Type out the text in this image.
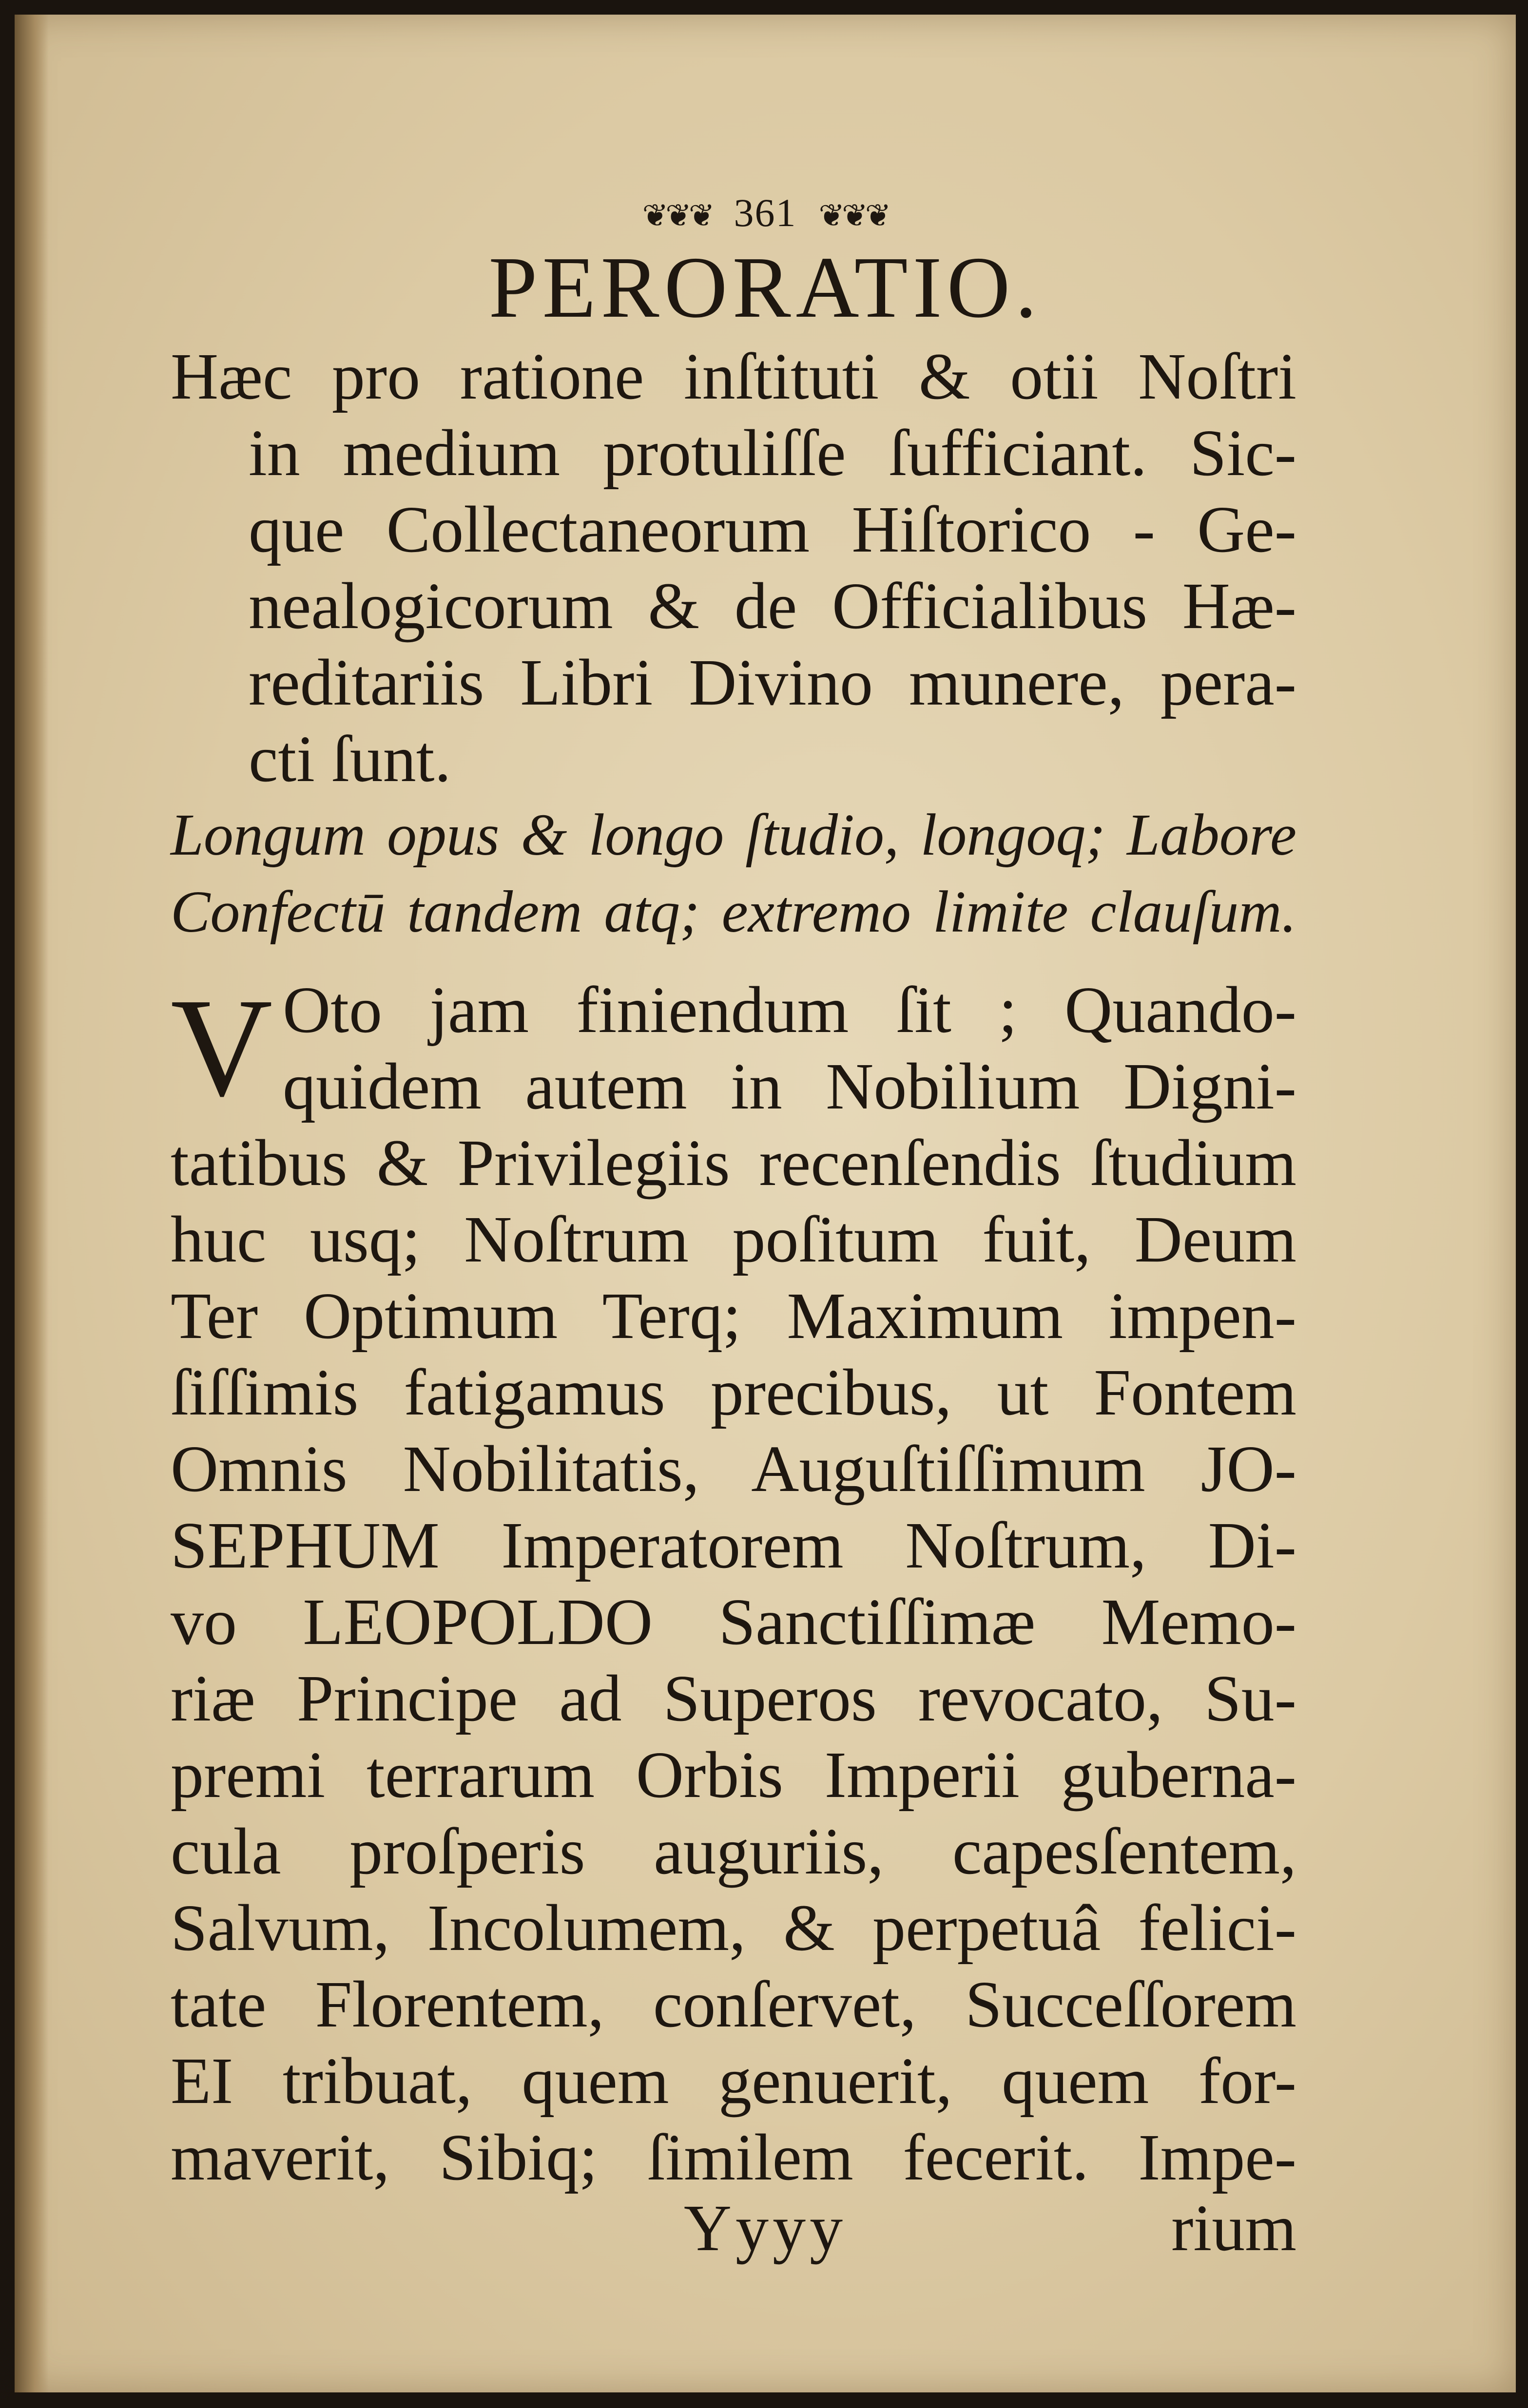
❦❦❦ 361 ❦❦❦
PERORATIO.
Hæc pro ratione inſtituti & otii Noſtri
in medium protuliſſe ſufficiant. Sic-
que Collectaneorum Hiſtorico - Ge-
nealogicorum & de Officialibus Hæ-
reditariis Libri Divino munere, pera-
cti ſunt.
Longum opus & longo ſtudio, longoq; Labore
Confectū tandem atq; extremo limite clauſum.
V Oto jam finiendum ſit ; Quando-
quidem autem in Nobilium Digni-
tatibus & Privilegiis recenſendis ſtudium
huc usq; Noſtrum poſitum fuit, Deum
Ter Optimum Terq; Maximum impen-
ſiſſimis fatigamus precibus, ut Fontem
Omnis Nobilitatis, Auguſtiſſimum JO-
SEPHUM Imperatorem Noſtrum, Di-
vo LEOPOLDO Sanctiſſimæ Memo-
riæ Principe ad Superos revocato, Su-
premi terrarum Orbis Imperii guberna-
cula proſperis auguriis, capesſentem,
Salvum, Incolumem, & perpetuâ felici-
tate Florentem, conſervet, Succeſſorem
EI tribuat, quem genuerit, quem for-
maverit, Sibiq; ſimilem fecerit. Impe-
Yyyy	rium
